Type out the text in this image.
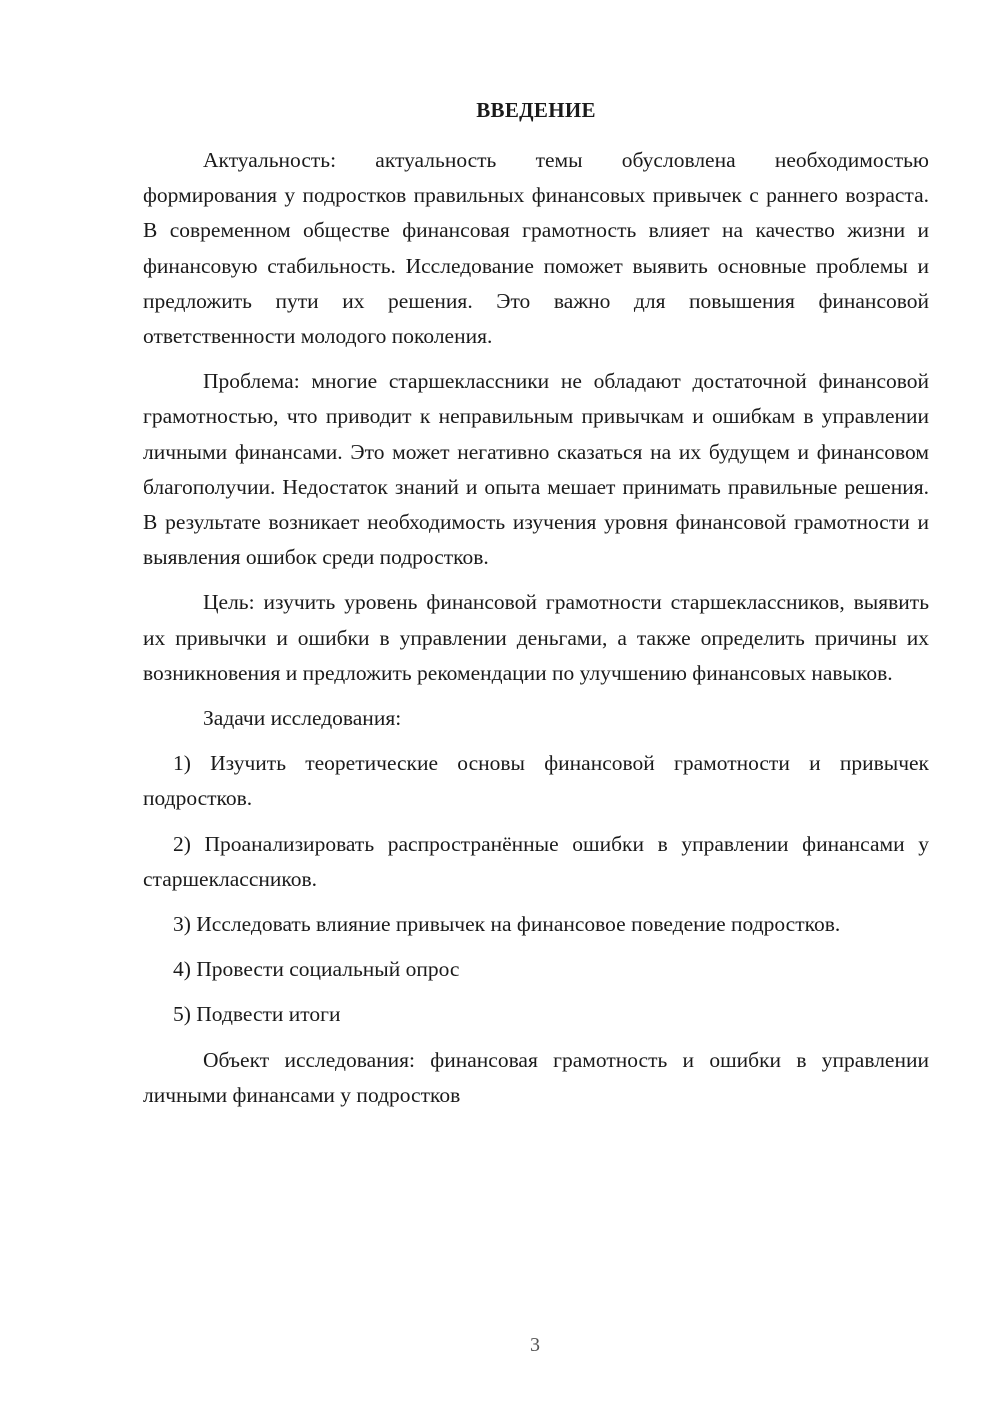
ВВЕДЕНИЕ

Актуальность: актуальность темы обусловлена необходимостью формирования у подростков правильных финансовых привычек с раннего возраста. В современном обществе финансовая грамотность влияет на качество жизни и финансовую стабильность. Исследование поможет выявить основные проблемы и предложить пути их решения. Это важно для повышения финансовой ответственности молодого поколения.

Проблема: многие старшеклассники не обладают достаточной финансовой грамотностью, что приводит к неправильным привычкам и ошибкам в управлении личными финансами. Это может негативно сказаться на их будущем и финансовом благополучии. Недостаток знаний и опыта мешает принимать правильные решения. В результате возникает необходимость изучения уровня финансовой грамотности и выявления ошибок среди подростков.

Цель: изучить уровень финансовой грамотности старшеклассников, выявить их привычки и ошибки в управлении деньгами, а также определить причины их возникновения и предложить рекомендации по улучшению финансовых навыков.

Задачи исследования:

1) Изучить теоретические основы финансовой грамотности и привычек подростков.

2) Проанализировать распространённые ошибки в управлении финансами у старшеклассников.

3) Исследовать влияние привычек на финансовое поведение подростков.

4) Провести социальный опрос

5) Подвести итоги

Объект исследования: финансовая грамотность и ошибки в управлении личными финансами у подростков

3
